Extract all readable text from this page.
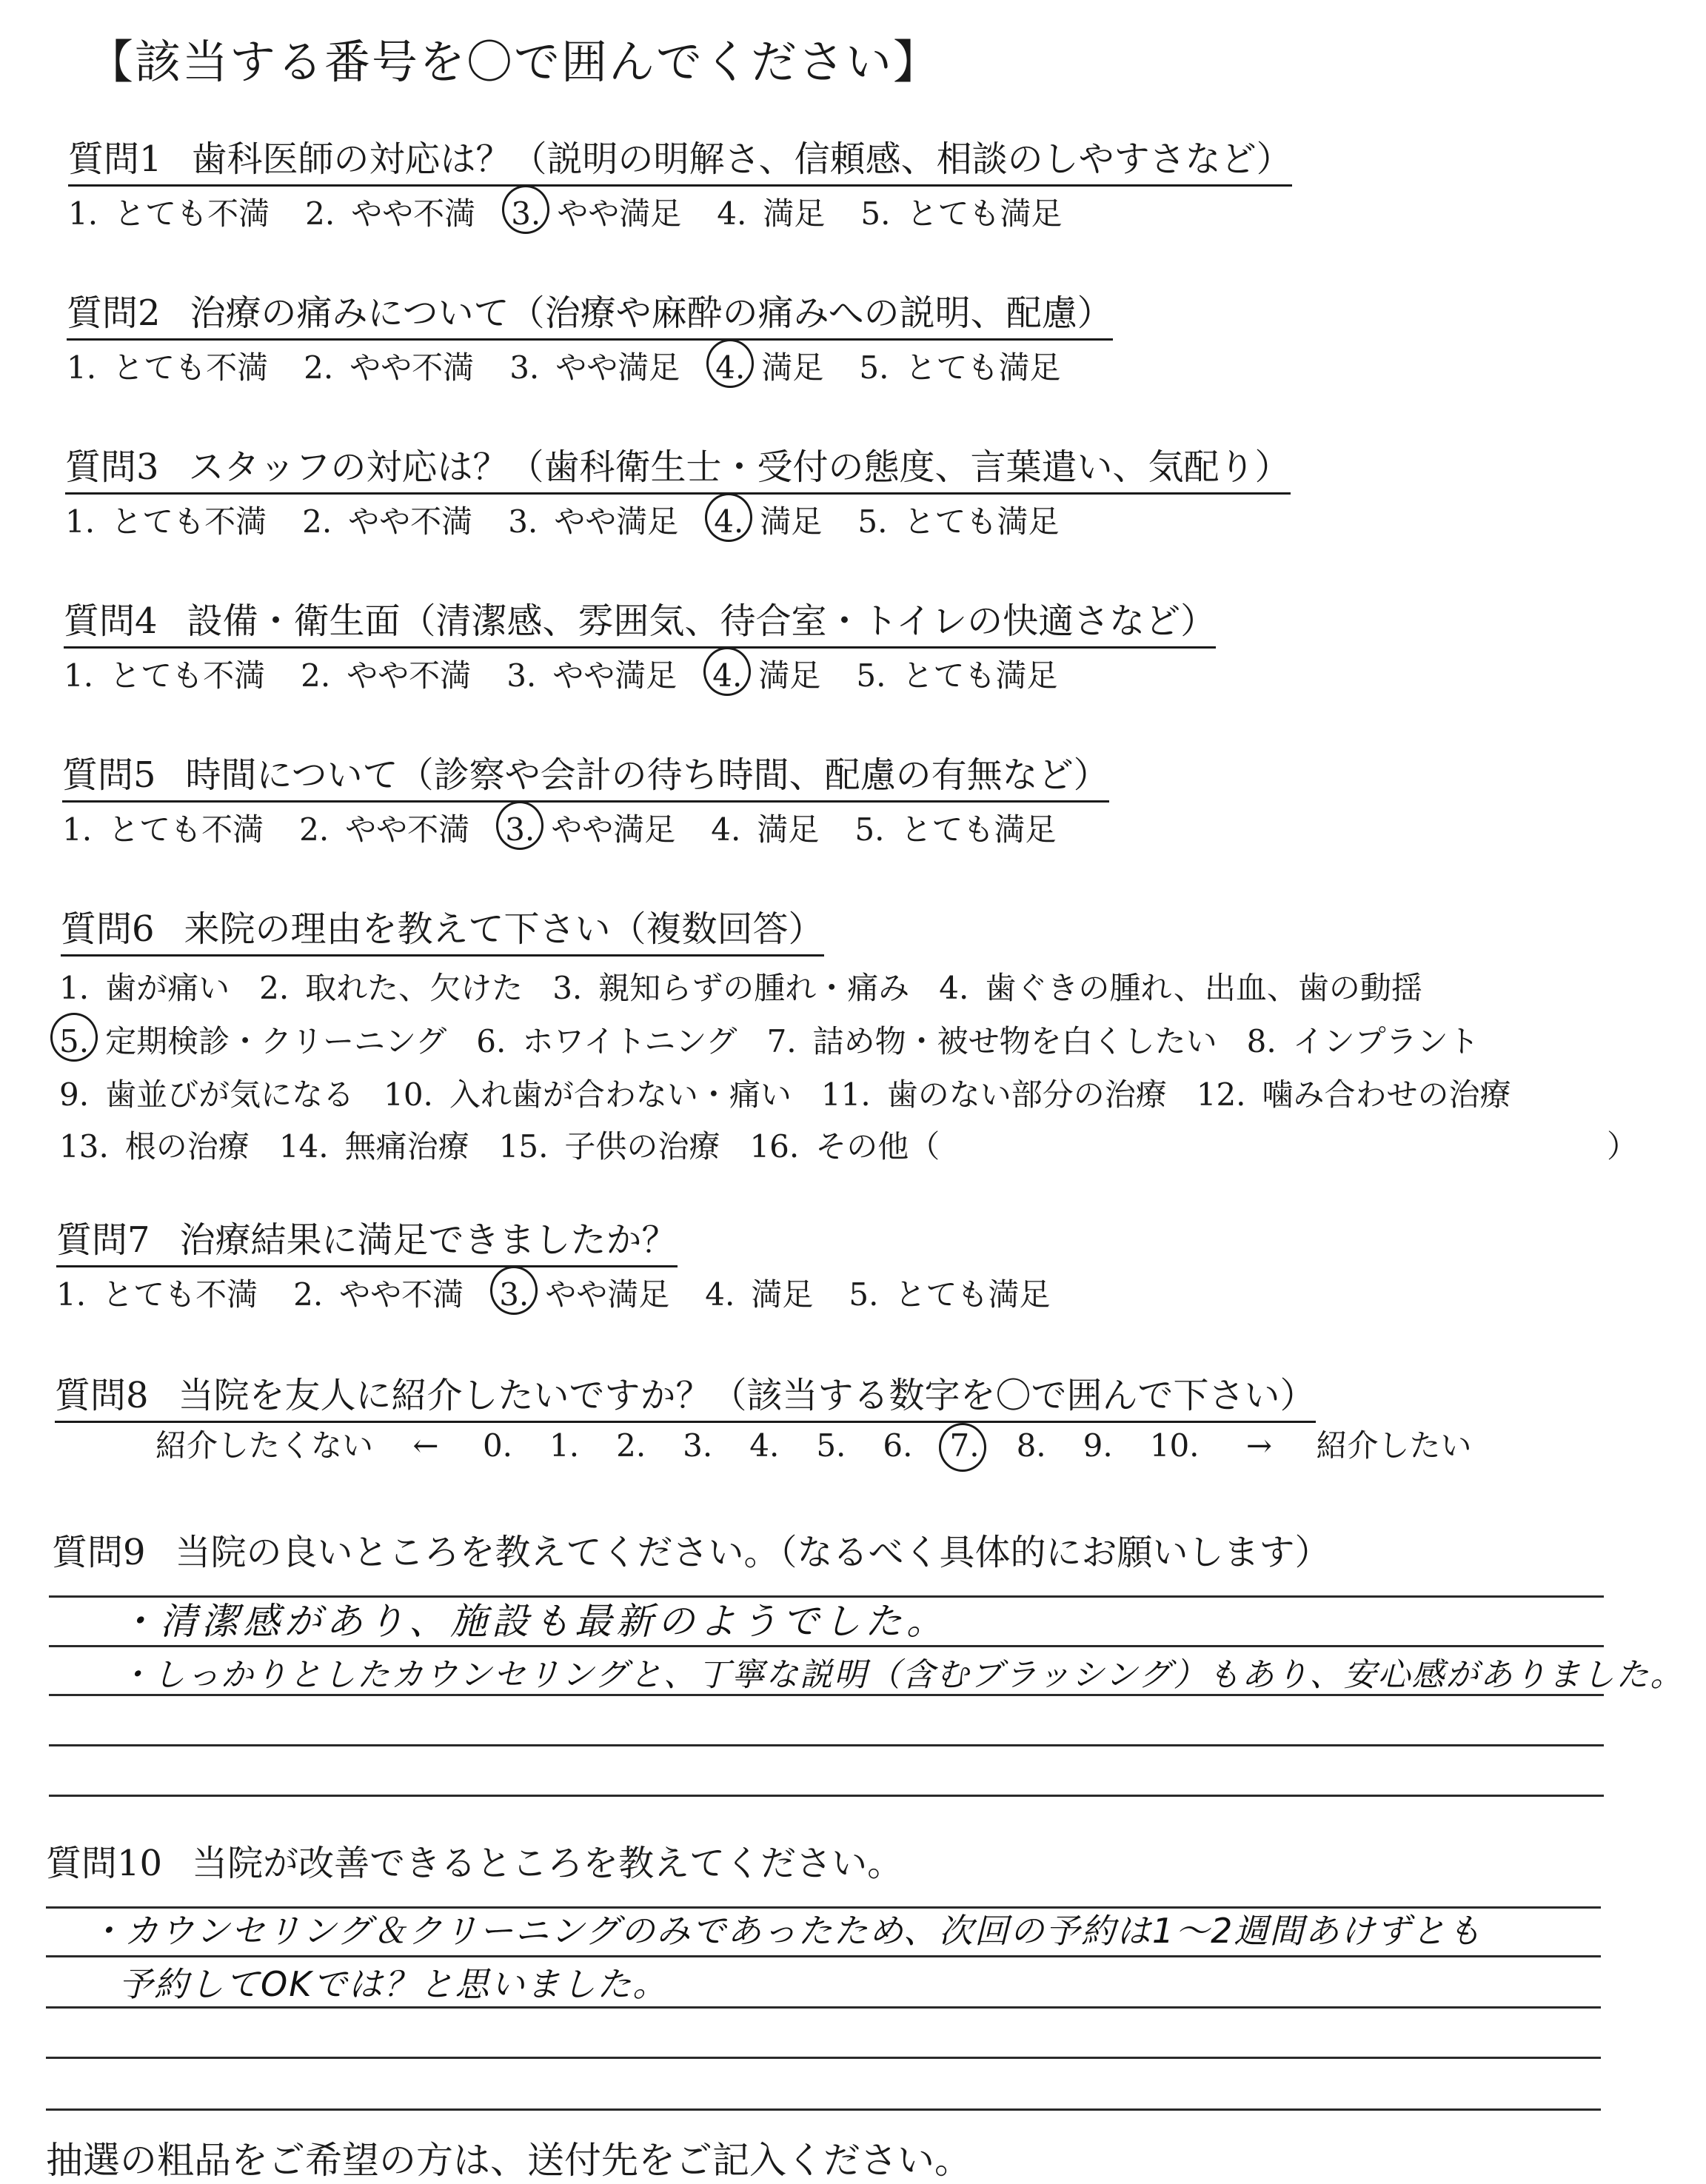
【該当する番号を〇で囲んでください】
質問1 歯科医師の対応は？（説明の明解さ、信頼感、相談のしやすさなど）
1. とても不満 2. やや不満 3. やや満足 4. 満足 5. とても満足
質問2 治療の痛みについて（治療や麻酔の痛みへの説明、配慮）
1. とても不満 2. やや不満 3. やや満足 4. 満足 5. とても満足
質問3 スタッフの対応は？（歯科衛生士・受付の態度、言葉遣い、気配り）
1. とても不満 2. やや不満 3. やや満足 4. 満足 5. とても満足
質問4 設備・衛生面（清潔感、雰囲気、待合室・トイレの快適さなど）
1. とても不満 2. やや不満 3. やや満足 4. 満足 5. とても満足
質問5 時間について（診察や会計の待ち時間、配慮の有無など）
1. とても不満 2. やや不満 3. やや満足 4. 満足 5. とても満足
質問6 来院の理由を教えて下さい（複数回答）
1. 歯が痛い 2. 取れた、欠けた 3. 親知らずの腫れ・痛み 4. 歯ぐきの腫れ、出血、歯の動揺
5. 定期検診・クリーニング 6. ホワイトニング 7. 詰め物・被せ物を白くしたい 8. インプラント
9. 歯並びが気になる 10. 入れ歯が合わない・痛い 11. 歯のない部分の治療 12. 噛み合わせの治療
13. 根の治療 14. 無痛治療 15. 子供の治療 16. その他（	）
質問7 治療結果に満足できましたか？
1. とても不満 2. やや不満 3. やや満足 4. 満足 5. とても満足
質問8 当院を友人に紹介したいですか？（該当する数字を〇で囲んで下さい）
紹介したくない ← 0. 1. 2. 3. 4. 5. 6. 7. 8. 9. 10. → 紹介したい
質問9 当院の良いところを教えてください。（なるべく具体的にお願いします）
・清潔感があり、施設も最新のようでした。
・しっかりとしたカウンセリングと、丁寧な説明（含むブラッシング）もあり、安心感がありました。
質問10 当院が改善できるところを教えてください。
・カウンセリング＆クリーニングのみであったため、次回の予約は1〜2週間あけずとも
予約してOKでは？と思いました。
抽選の粗品をご希望の方は、送付先をご記入ください。
